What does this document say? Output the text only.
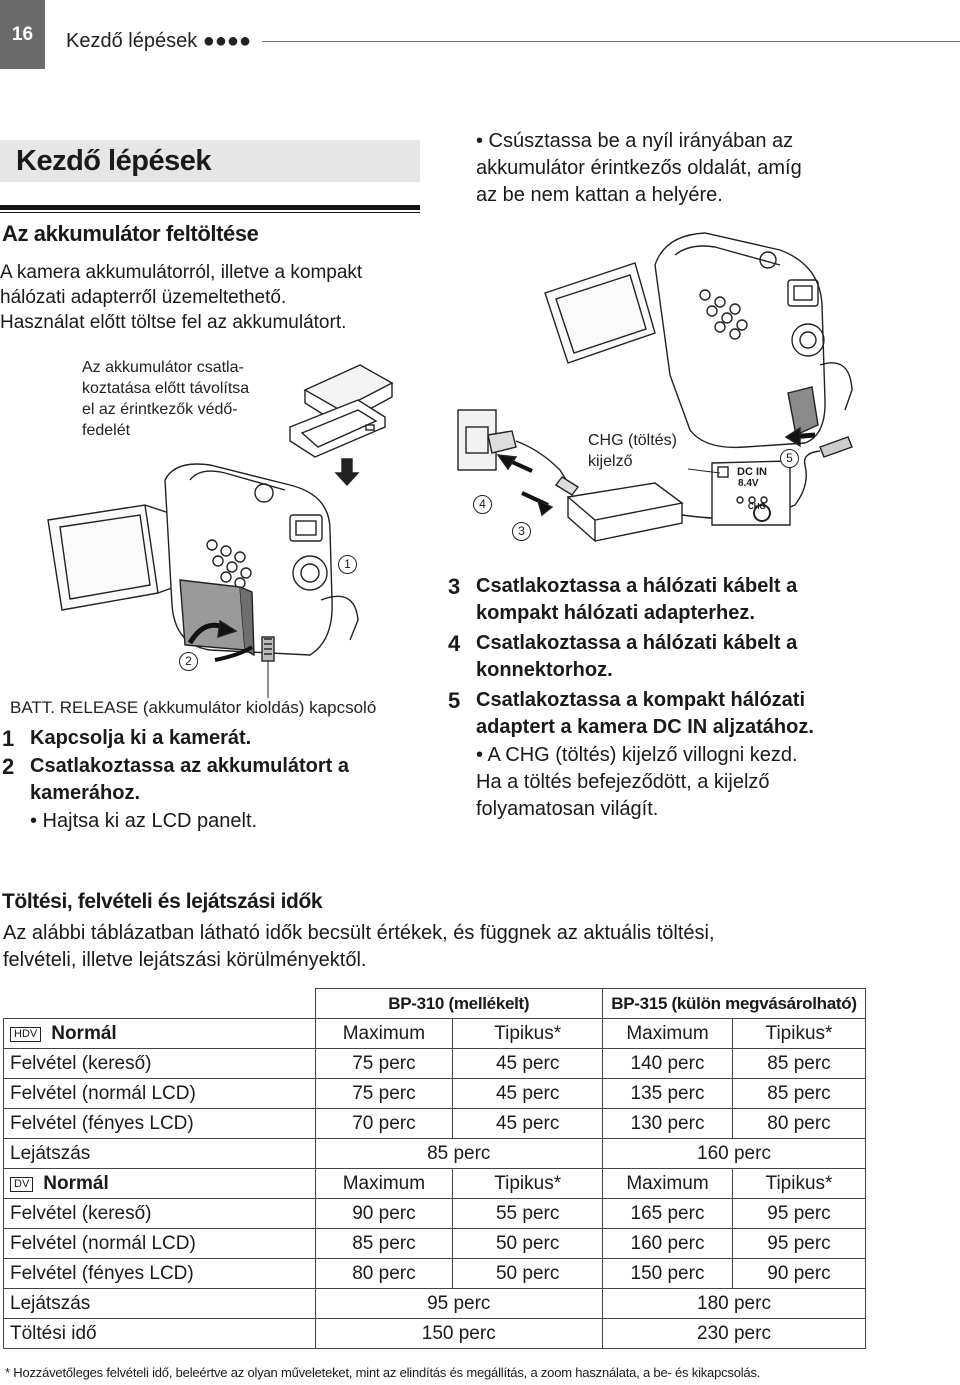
16	Kezdő lépések ●●●●
Kezdő lépések
Az akkumulátor feltöltése
A kamera akkumulátorról, illetve a kompakt
hálózati adapterről üzemeltethető.
Használat előtt töltse fel az akkumulátort.
Az akkumulátor csatla-
koztatása előtt távolítsa
el az érintkezők védő-
fedelét
1
2
BATT. RELEASE (akkumulátor kioldás) kapcsoló
1 Kapcsolja ki a kamerát.
2 Csatlakoztassa az akkumulátort a
kamerához.
• Hajtsa ki az LCD panelt.
• Csúsztassa be a nyíl irányában az
akkumulátor érintkezős oldalát, amíg
az be nem kattan a helyére.
CHG (töltés)
kijelző
DC IN
8.4V
CHG
4
3
5
3 Csatlakoztassa a hálózati kábelt a
kompakt hálózati adapterhez.
4 Csatlakoztassa a hálózati kábelt a
konnektorhoz.
5 Csatlakoztassa a kompakt hálózati
adaptert a kamera DC IN aljzatához.
• A CHG (töltés) kijelző villogni kezd.
Ha a töltés befejeződött, a kijelző
folyamatosan világít.
Töltési, felvételi és lejátszási idők
Az alábbi táblázatban látható idők becsült értékek, és függnek az aktuális töltési,
felvételi, illetve lejátszási körülményektől.
	BP-310 (mellékelt)		BP-315 (külön megvásárolható)	
HDV Normál	Maximum	Tipikus*	Maximum	Tipikus*
Felvétel (kereső)	75 perc	45 perc	140 perc	85 perc
Felvétel (normál LCD)	75 perc	45 perc	135 perc	85 perc
Felvétel (fényes LCD)	70 perc	45 perc	130 perc	80 perc
Lejátszás	85 perc		160 perc	
DV Normál	Maximum	Tipikus*	Maximum	Tipikus*
Felvétel (kereső)	90 perc	55 perc	165 perc	95 perc
Felvétel (normál LCD)	85 perc	50 perc	160 perc	95 perc
Felvétel (fényes LCD)	80 perc	50 perc	150 perc	90 perc
Lejátszás	95 perc		180 perc	
Töltési idő	150 perc		230 perc	
* Hozzávetőleges felvételi idő, beleértve az olyan műveleteket, mint az elindítás és megállítás, a zoom használata, a be- és kikapcsolás.
